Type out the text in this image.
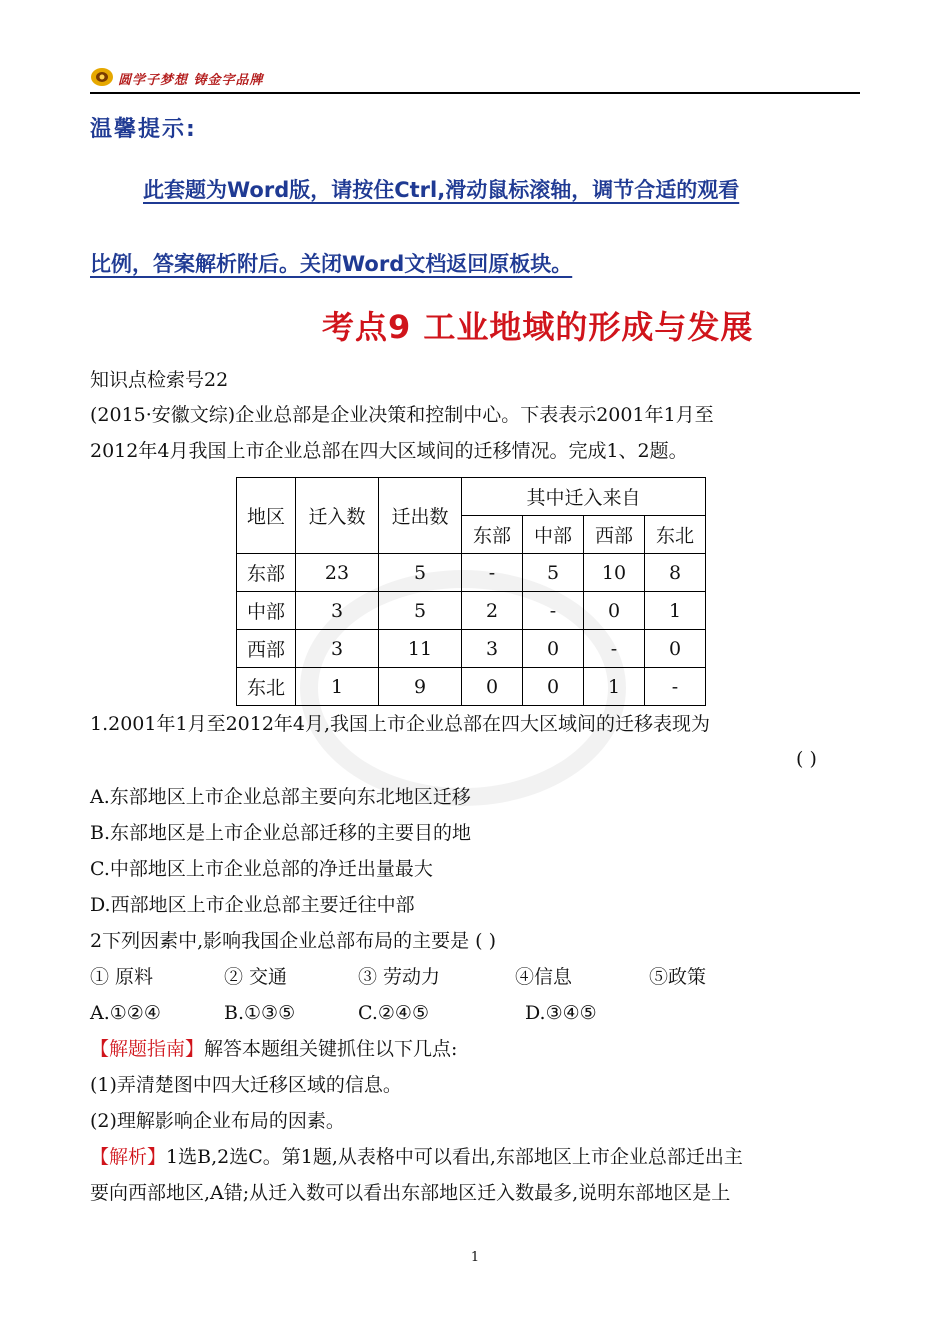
圆学子梦想 铸金字品牌
温馨提示:
此套题为Word版，请按住Ctrl,滑动鼠标滚轴，调节合适的观看
比例，答案解析附后。关闭Word文档返回原板块。
考点9 工业地域的形成与发展
知识点检索号22
(2015·安徽文综)企业总部是企业决策和控制中心。下表表示2001年1月至
2012年4月我国上市企业总部在四大区域间的迁移情况。完成1、2题。
地区	迁入数	迁出数	其中迁入来自			
			东部	中部	西部	东北
东部	23	5	-	5	10	8
中部	3	5	2	-	0	1
西部	3	11	3	0	-	0
东北	1	9	0	0	1	-
1.2001年1月至2012年4月,我国上市企业总部在四大区域间的迁移表现为
( )
A.东部地区上市企业总部主要向东北地区迁移
B.东部地区是上市企业总部迁移的主要目的地
C.中部地区上市企业总部的净迁出量最大
D.西部地区上市企业总部主要迁往中部
2下列因素中,影响我国企业总部布局的主要是 ( )
① 原料	② 交通	③ 劳动力	④信息	⑤政策
A.①②④	B.①③⑤	C.②④⑤	D.③④⑤
【解题指南】解答本题组关键抓住以下几点:
(1)弄清楚图中四大迁移区域的信息。
(2)理解影响企业布局的因素。
【解析】1选B,2选C。第1题,从表格中可以看出,东部地区上市企业总部迁出主
要向西部地区,A错;从迁入数可以看出东部地区迁入数最多,说明东部地区是上
1
